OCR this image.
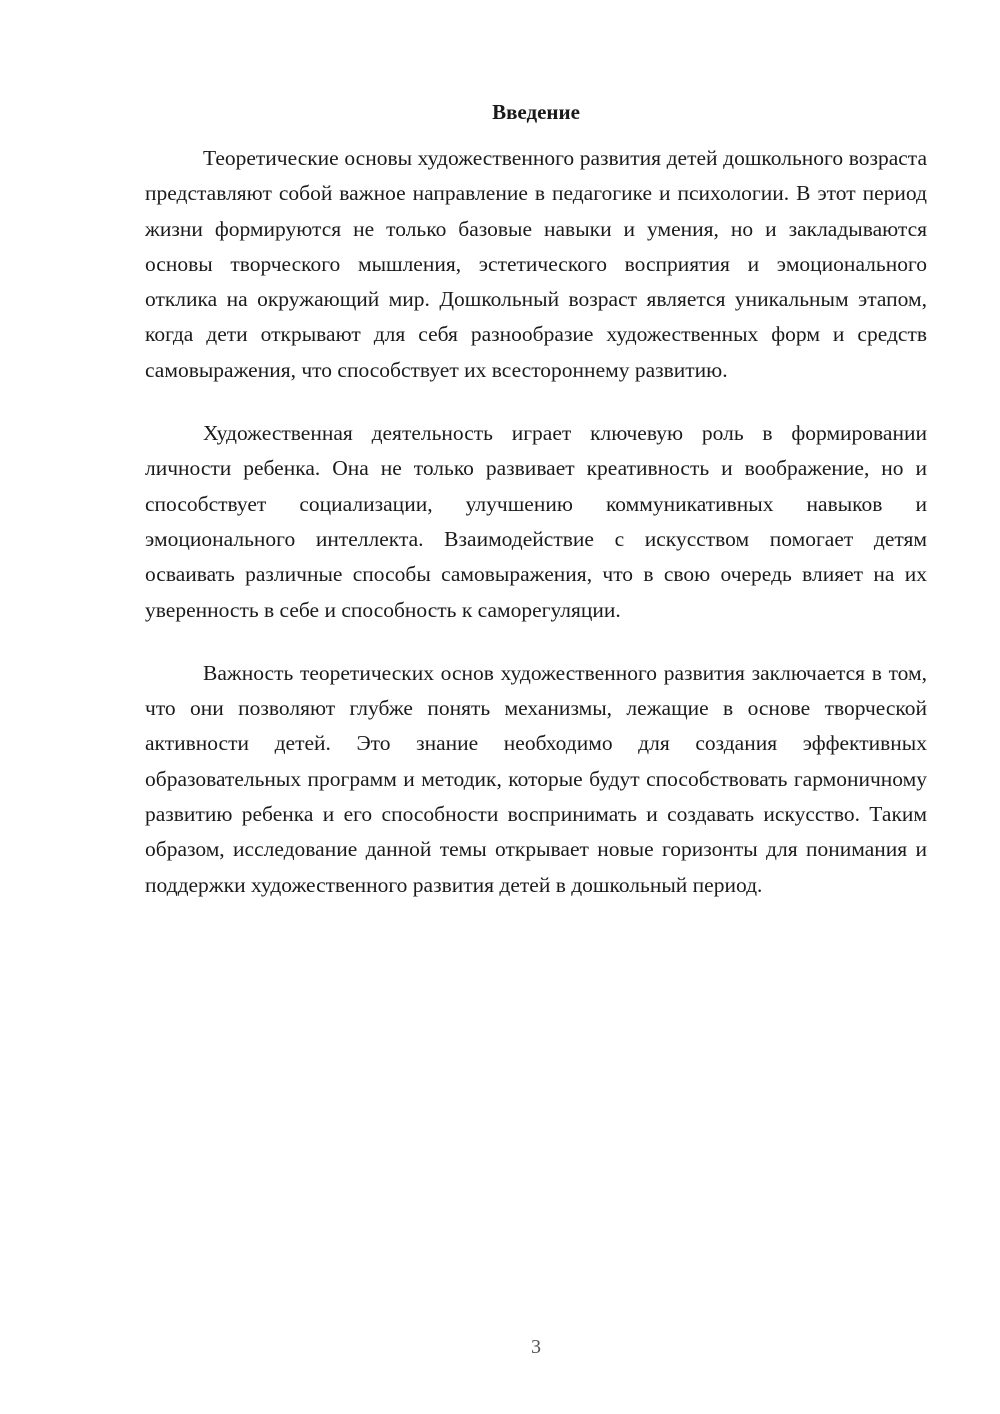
Введение

Теоретические основы художественного развития детей дошкольного возраста представляют собой важное направление в педагогике и психологии. В этот период жизни формируются не только базовые навыки и умения, но и закладываются основы творческого мышления, эстетического восприятия и эмоционального отклика на окружающий мир. Дошкольный возраст является уникальным этапом, когда дети открывают для себя разнообразие художественных форм и средств самовыражения, что способствует их всестороннему развитию.

Художественная деятельность играет ключевую роль в формировании личности ребенка. Она не только развивает креативность и воображение, но и способствует социализации, улучшению коммуникативных навыков и эмоционального интеллекта. Взаимодействие с искусством помогает детям осваивать различные способы самовыражения, что в свою очередь влияет на их уверенность в себе и способность к саморегуляции.

Важность теоретических основ художественного развития заключается в том, что они позволяют глубже понять механизмы, лежащие в основе творческой активности детей. Это знание необходимо для создания эффективных образовательных программ и методик, которые будут способствовать гармоничному развитию ребенка и его способности воспринимать и создавать искусство. Таким образом, исследование данной темы открывает новые горизонты для понимания и поддержки художественного развития детей в дошкольный период.

3
